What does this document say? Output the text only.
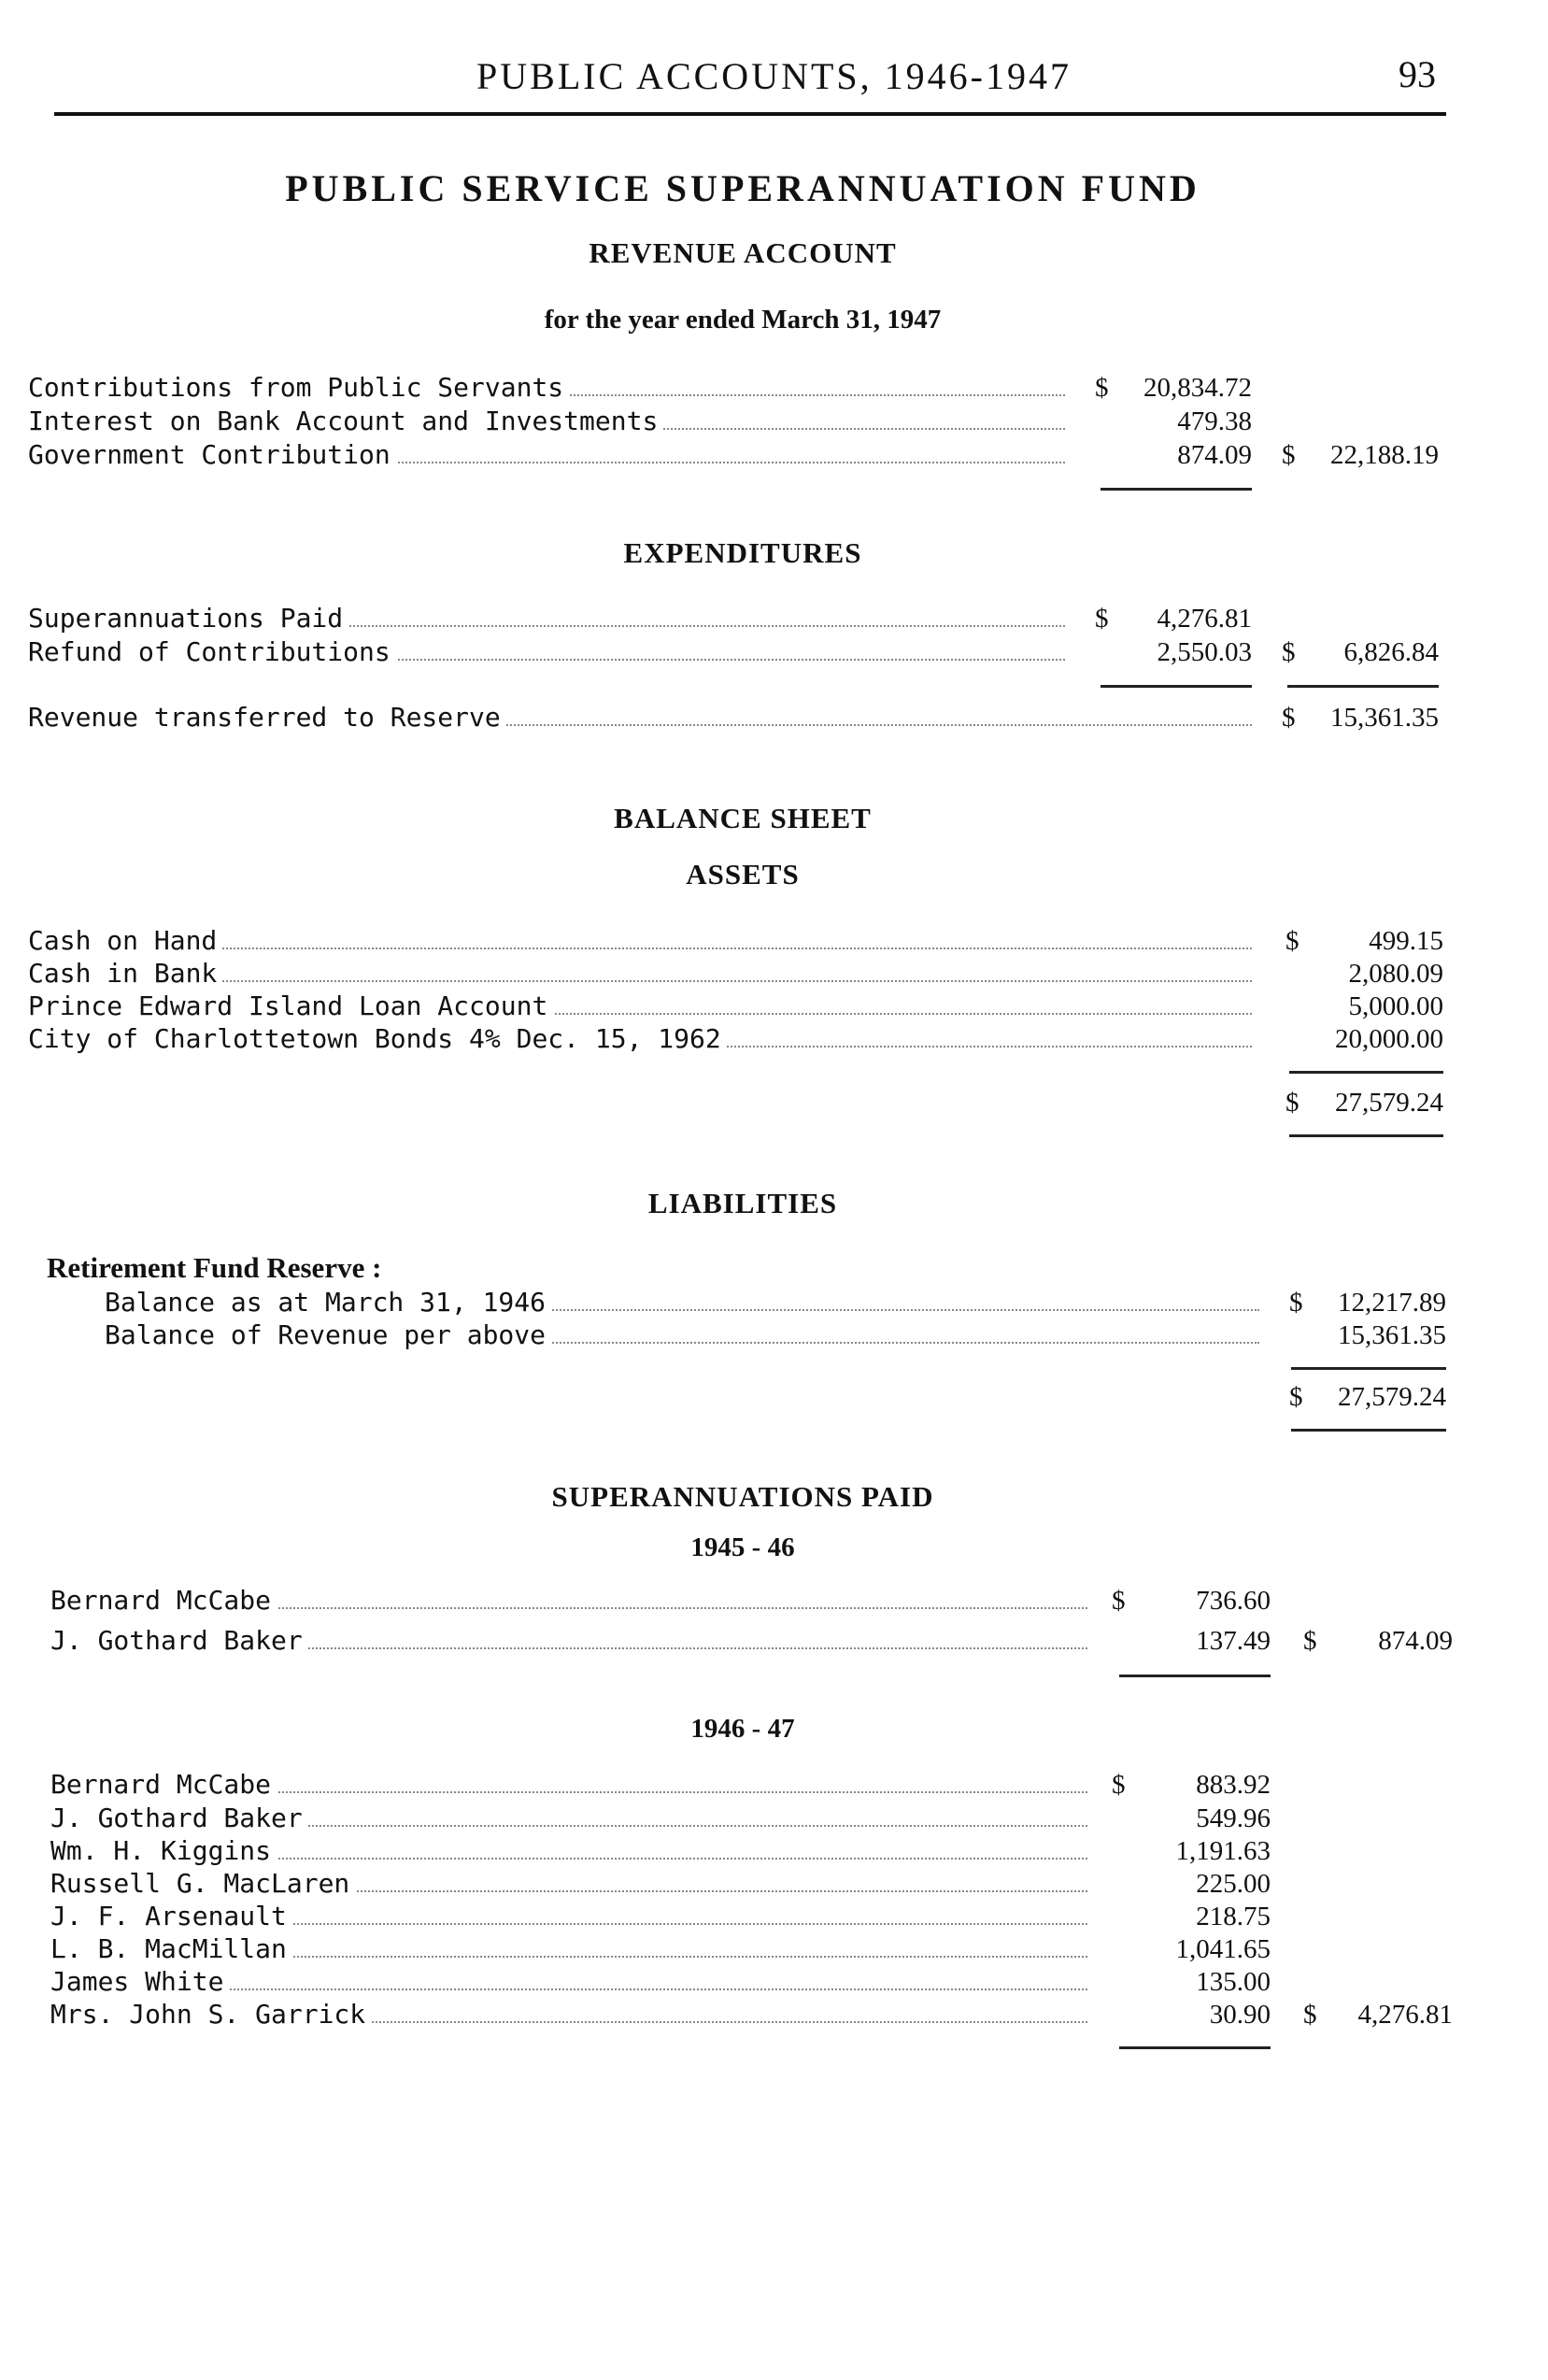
PUBLIC ACCOUNTS, 1946-1947	93
PUBLIC SERVICE SUPERANNUATION FUND
REVENUE ACCOUNT
for the year ended March 31, 1947
Contributions from Public Servants	$	20,834.72
Interest on Bank Account and Investments	479.38
Government Contribution	874.09 $	22,188.19
EXPENDITURES
Superannuations Paid	$	4,276.81
Refund of Contributions	2,550.03 $	6,826.84
Revenue transferred to Reserve	$	15,361.35
BALANCE SHEET
ASSETS
Cash on Hand	$	499.15
Cash in Bank	2,080.09
Prince Edward Island Loan Account	5,000.00
City of Charlottetown Bonds 4% Dec. 15, 1962	20,000.00
$	27,579.24
LIABILITIES
Retirement Fund Reserve :
Balance as at March 31, 1946	$	12,217.89
Balance of Revenue per above	15,361.35
$	27,579.24
SUPERANNUATIONS PAID
1945 - 46
Bernard McCabe	$	736.60
J. Gothard Baker	137.49 $	874.09
1946 - 47
Bernard McCabe	$	883.92
J. Gothard Baker	549.96
Wm. H. Kiggins	1,191.63
Russell G. MacLaren	225.00
J. F. Arsenault	218.75
L. B. MacMillan	1,041.65
James White	135.00
Mrs. John S. Garrick	30.90 $	4,276.81
